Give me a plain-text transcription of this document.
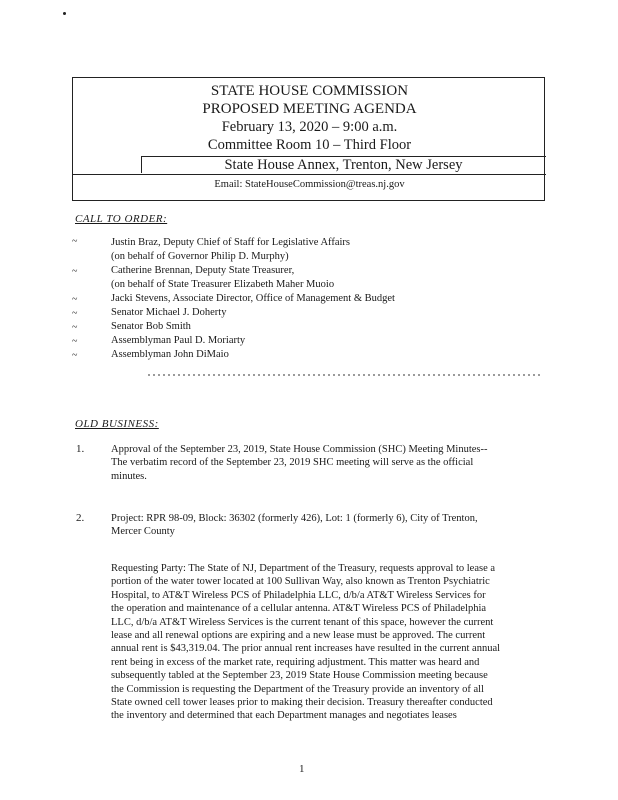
STATE HOUSE COMMISSION
PROPOSED MEETING AGENDA
February 13, 2020 – 9:00 a.m.
Committee Room 10 – Third Floor
State House Annex, Trenton, New Jersey
Email: StateHouseCommission@treas.nj.gov
CALL TO ORDER:
~	Justin Braz, Deputy Chief of Staff for Legislative Affairs
(on behalf of Governor Philip D. Murphy)
~	Catherine Brennan, Deputy State Treasurer,
(on behalf of State Treasurer Elizabeth Maher Muoio
~	Jacki Stevens, Associate Director, Office of Management & Budget
~	Senator Michael J. Doherty
~	Senator Bob Smith
~	Assemblyman Paul D. Moriarty
~	Assemblyman John DiMaio
OLD BUSINESS:
1.	Approval of the September 23, 2019, State House Commission (SHC) Meeting Minutes--
The verbatim record of the September 23, 2019 SHC meeting will serve as the official
minutes.
2.	Project: RPR 98-09, Block: 36302 (formerly 426), Lot: 1 (formerly 6), City of Trenton,
Mercer County
Requesting Party: The State of NJ, Department of the Treasury, requests approval to lease a
portion of the water tower located at 100 Sullivan Way, also known as Trenton Psychiatric
Hospital, to AT&T Wireless PCS of Philadelphia LLC, d/b/a AT&T Wireless Services for
the operation and maintenance of a cellular antenna. AT&T Wireless PCS of Philadelphia
LLC, d/b/a AT&T Wireless Services is the current tenant of this space, however the current
lease and all renewal options are expiring and a new lease must be approved. The current
annual rent is $43,319.04. The prior annual rent increases have resulted in the current annual
rent being in excess of the market rate, requiring adjustment. This matter was heard and
subsequently tabled at the September 23, 2019 State House Commission meeting because
the Commission is requesting the Department of the Treasury provide an inventory of all
State owned cell tower leases prior to making their decision. Treasury thereafter conducted
the inventory and determined that each Department manages and negotiates leases
1
